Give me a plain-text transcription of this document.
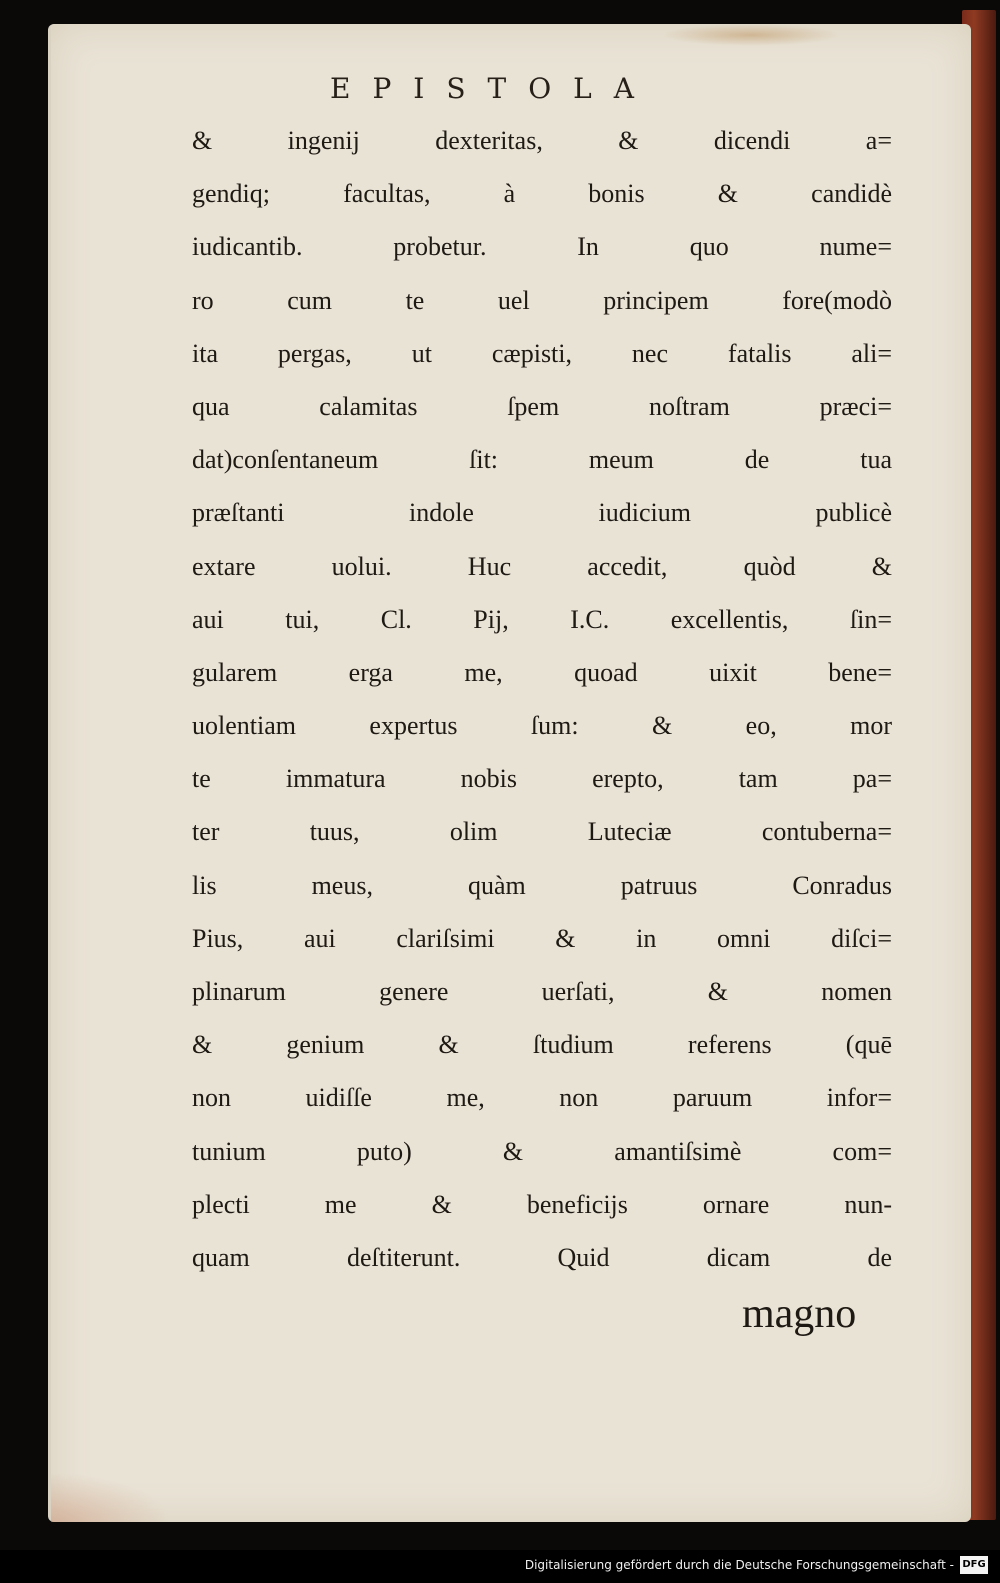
EPISTOLA
& ingenij dexteritas, & dicendi a=
gendiq; facultas, à bonis & candidè
iudicantib. probetur. In quo nume=
ro cum te uel principem fore(modò
ita pergas, ut cæpisti, nec fatalis ali=
qua calamitas ſpem noſtram præci=
dat)conſentaneum ſit: meum de tua
præſtanti indole iudicium publicè
extare uolui. Huc accedit, quòd &
aui tui, Cl. Pij, I.C. excellentis, ſin=
gularem erga me, quoad uixit bene=
uolentiam expertus ſum: & eo, mor
te immatura nobis erepto, tam pa=
ter tuus, olim Luteciæ contuberna=
lis meus, quàm patruus Conradus
Pius, aui clariſsimi & in omni diſci=
plinarum genere uerſati, & nomen
& genium & ſtudium referens (quē
non uidiſſe me, non paruum infor=
tunium puto) & amantiſsimè com=
plecti me & beneficijs ornare nun-
quam deſtiterunt. Quid dicam de
magno
Digitalisierung gefördert durch die Deutsche Forschungsgemeinschaft - DFG
